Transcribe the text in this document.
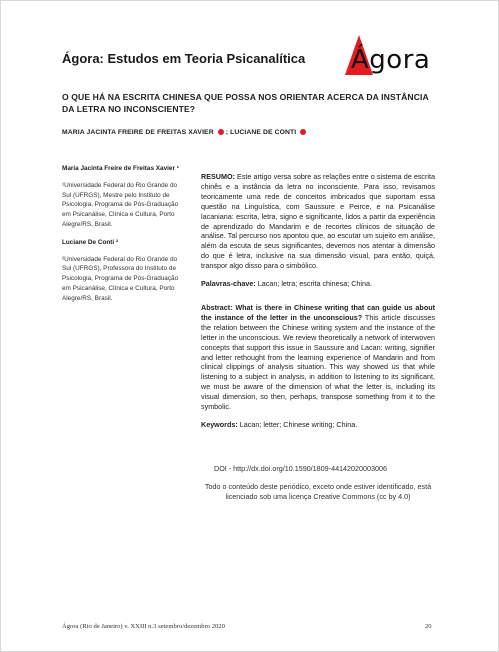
Ágora: Estudos em Teoria Psicanalítica Ágora
O QUE HÁ NA ESCRITA CHINESA QUE POSSA NOS ORIENTAR ACERCA DA INSTÂNCIA DA LETRA NO INCONSCIENTE?
MARIA JACINTA FREIRE DE FREITAS XAVIER ; LUCIANE DE CONTI

Maria Jacinta Freire de Freitas Xavier ¹

¹Universidade Federal do Rio Grande do Sul (UFRGS), Mestre pelo Instituto de Psicologia, Programa de Pós-Graduação em Psicanálise, Clínica e Cultura, Porto Alegre/RS, Brasil.

Luciane De Conti ²

²Universidade Federal do Rio Grande do Sul (UFRGS), Professora do Instituto de Psicologia, Programa de Pós-Graduação em Psicanálise, Clínica e Cultura, Porto Alegre/RS, Brasil.

RESUMO: Este artigo versa sobre as relações entre o sistema de escrita chinês e a instância da letra no inconsciente. Para isso, revisamos teoricamente uma rede de conceitos imbricados que suportam essa questão na Linguística, com Saussure e Peirce, e na Psicanálise lacaniana: escrita, letra, signo e significante, lidos a partir da experiência de aprendizado do Mandarim e de recortes clínicos de situação de análise. Tal percurso nos apontou que, ao escutar um sujeito em análise, além da escuta de seus significantes, devemos nos atentar à dimensão do que é letra, inclusive na sua dimensão visual, para então, quiçá, transpor algo disso para o simbólico.

Palavras-chave: Lacan; letra; escrita chinesa; China.

Abstract: What is there in Chinese writing that can guide us about the instance of the letter in the unconscious? This article discusses the relation between the Chinese writing system and the instance of the letter in the unconscious. We review theoretically a network of interwoven concepts that support this issue in Saussure and Lacan: writing, signifier and letter rethought from the learning experience of Mandarin and from clinical clippings of analysis situation. This way showed us that while listening to a subject in analysis, in addition to listening to its significant, we must be aware of the dimension of what the letter is, including its visual dimension, so then, perhaps, transpose something from it to the symbolic.

Keywords: Lacan; letter; Chinese writing; China.

DOI - http://dx.doi.org/10.1590/1809-44142020003006
Todo o conteúdo deste periódico, exceto onde estiver identificado, está licenciado sob uma licença Creative Commons (cc by 4.0)
Ágora (Rio de Janeiro) v. XXIII n.3 setembro/dezembro 2020	20
